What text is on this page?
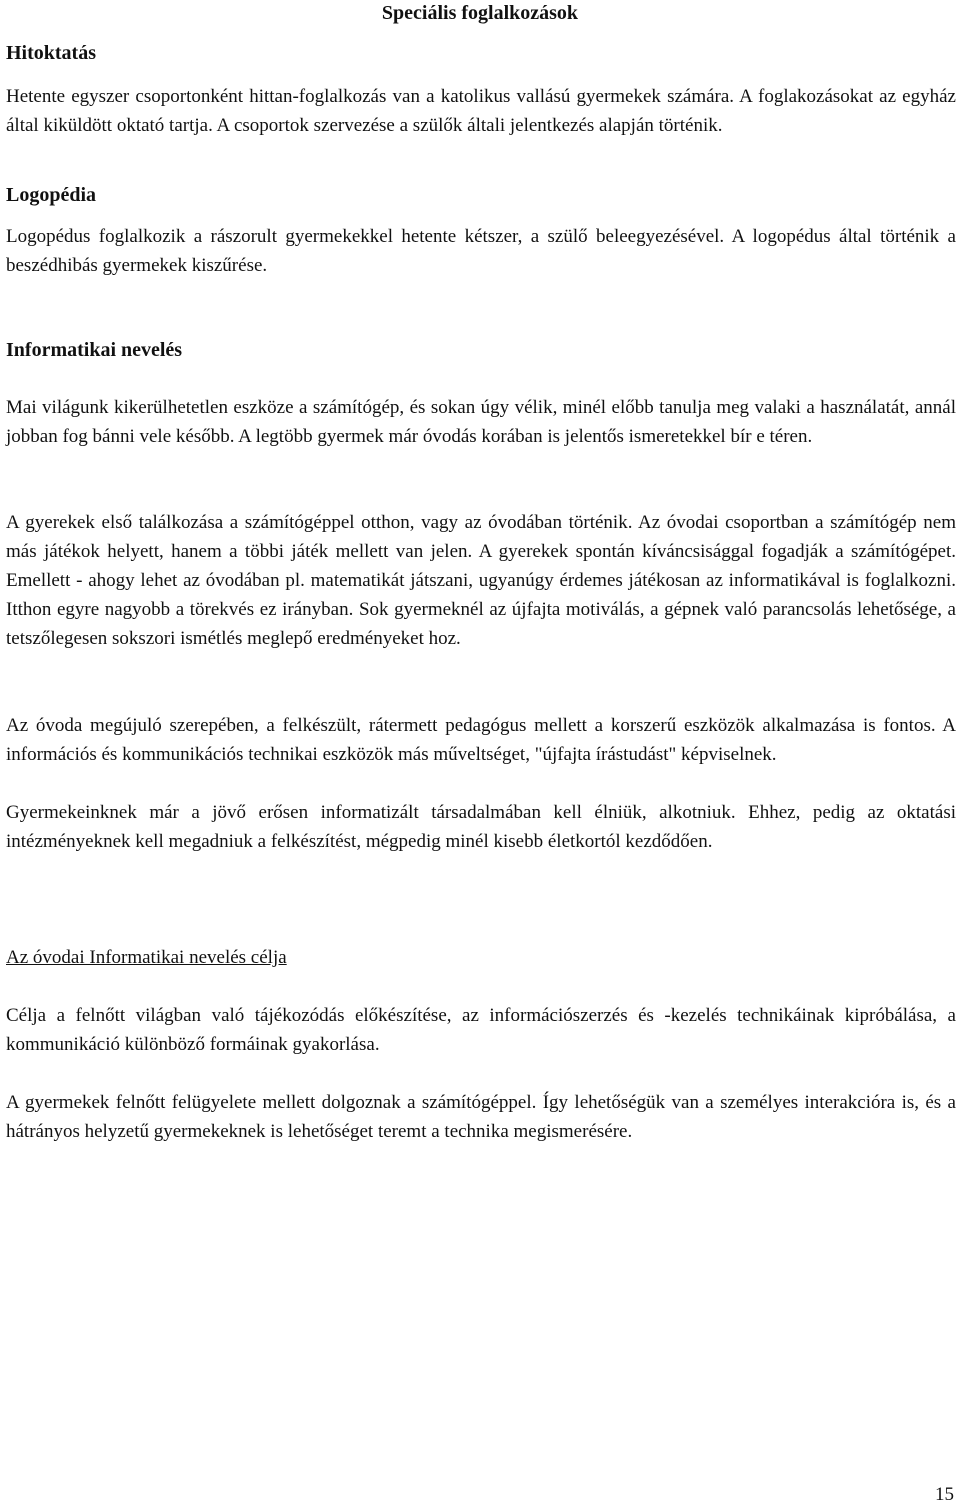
Speciális foglalkozások
Hitoktatás

Hetente egyszer csoportonként hittan-foglalkozás van a katolikus vallású gyermekek számára. A foglakozásokat az egyház által kiküldött oktató tartja. A csoportok szervezése a szülők általi jelentkezés alapján történik.

Logopédia

Logopédus foglalkozik a rászorult gyermekekkel hetente kétszer, a szülő beleegyezésével. A logopédus által történik a beszédhibás gyermekek kiszűrése.

Informatikai nevelés

Mai világunk kikerülhetetlen eszköze a számítógép, és sokan úgy vélik, minél előbb tanulja meg valaki a használatát, annál jobban fog bánni vele később. A legtöbb gyermek már óvodás korában is jelentős ismeretekkel bír e téren.

A gyerekek első találkozása a számítógéppel otthon, vagy az óvodában történik. Az óvodai csoportban a számítógép nem más játékok helyett, hanem a többi játék mellett van jelen. A gyerekek spontán kíváncsisággal fogadják a számítógépet. Emellett - ahogy lehet az óvodában pl. matematikát játszani, ugyanúgy érdemes játékosan az informatikával is foglalkozni. Itthon egyre nagyobb a törekvés ez irányban. Sok gyermeknél az újfajta motiválás, a gépnek való parancsolás lehetősége, a tetszőlegesen sokszori ismétlés meglepő eredményeket hoz.

Az óvoda megújuló szerepében, a felkészült, rátermett pedagógus mellett a korszerű eszközök alkalmazása is fontos. A információs és kommunikációs technikai eszközök más műveltséget, "újfajta írástudást" képviselnek.

Gyermekeinknek már a jövő erősen informatizált társadalmában kell élniük, alkotniuk. Ehhez, pedig az oktatási intézményeknek kell megadniuk a felkészítést, mégpedig minél kisebb életkortól kezdődően.

Az óvodai Informatikai nevelés célja

Célja a felnőtt világban való tájékozódás előkészítése, az információszerzés és -kezelés technikáinak kipróbálása, a kommunikáció különböző formáinak gyakorlása.

A gyermekek felnőtt felügyelete mellett dolgoznak a számítógéppel. Így lehetőségük van a személyes interakcióra is, és a hátrányos helyzetű gyermekeknek is lehetőséget teremt a technika megismerésére.

15
